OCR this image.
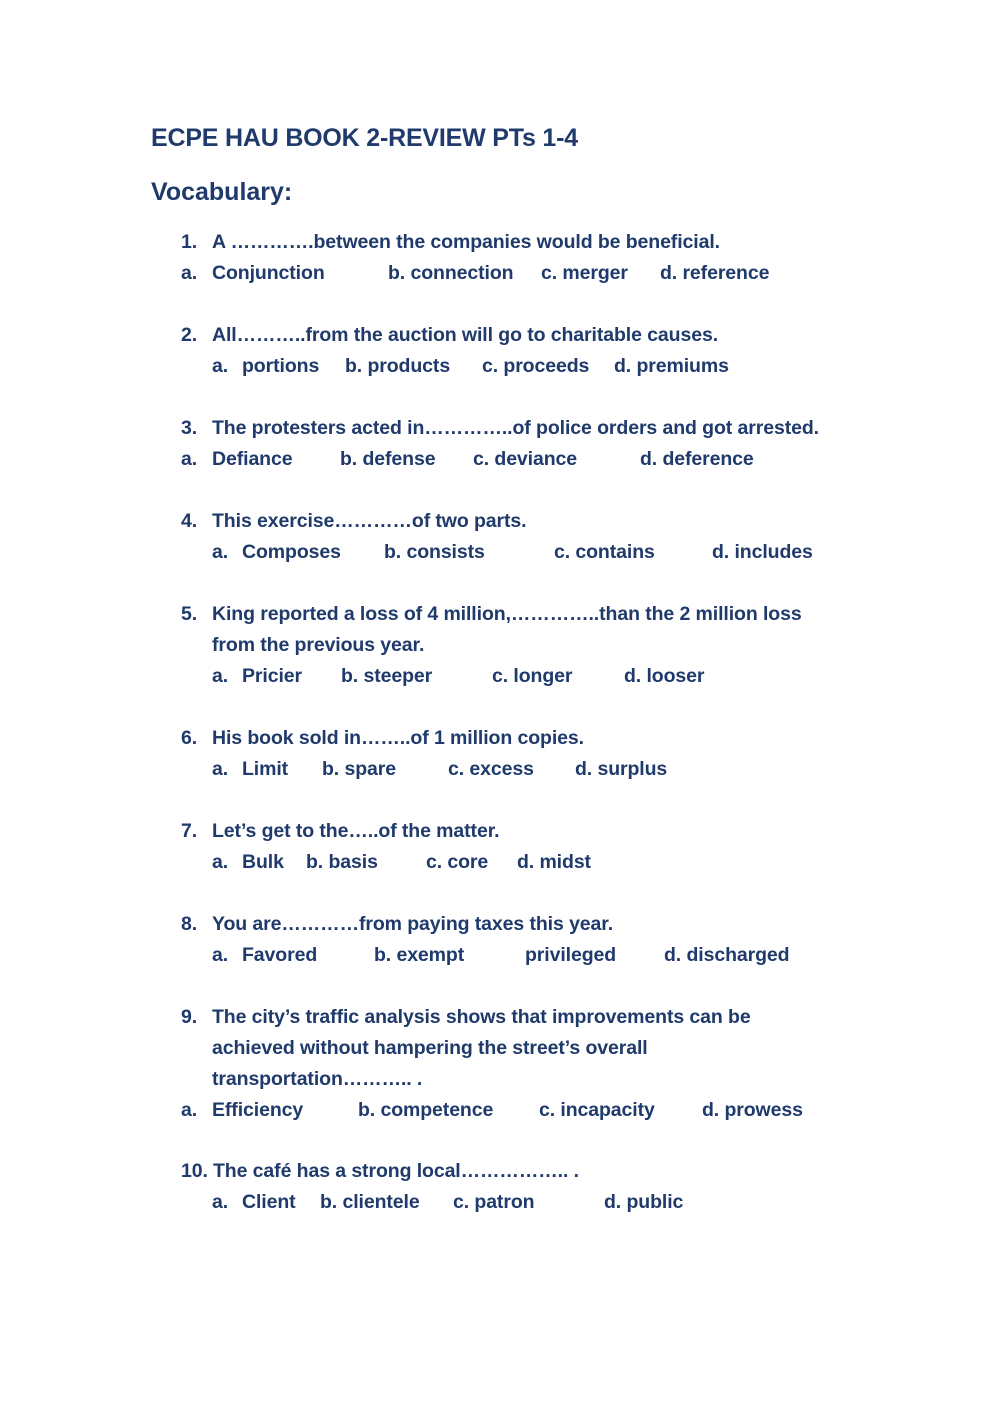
ECPE HAU BOOK 2-REVIEW PTs 1-4
Vocabulary:
1. A ………….between the companies would be beneficial.
a. Conjunction	b. connection c. merger d. reference
2. All………..from the auction will go to charitable causes.
a. portions b. products c. proceeds d. premiums
3. The protesters acted in…………..of police orders and got arrested.
a. Defiance b. defense c. deviance	d. deference
4. This exercise…………of two parts.
a. Composes b. consists	c. contains	d. includes
5. King reported a loss of 4 million,…………..than the 2 million loss
from the previous year.
a. Pricier b. steeper	c. longer	d. looser
6. His book sold in……..of 1 million copies.
a. Limit b. spare	c. excess d. surplus
7. Let’s get to the…..of the matter.
a. Bulk b. basis c. core d. midst
8. You are…………from paying taxes this year.
a. Favored	b. exempt	privileged d. discharged
9. The city’s traffic analysis shows that improvements can be
achieved without hampering the street’s overall
transportation……….. .
a. Efficiency	b. competence c. incapacity d. prowess
10. The café has a strong local…………….. .
a. Client b. clientele c. patron	d. public
